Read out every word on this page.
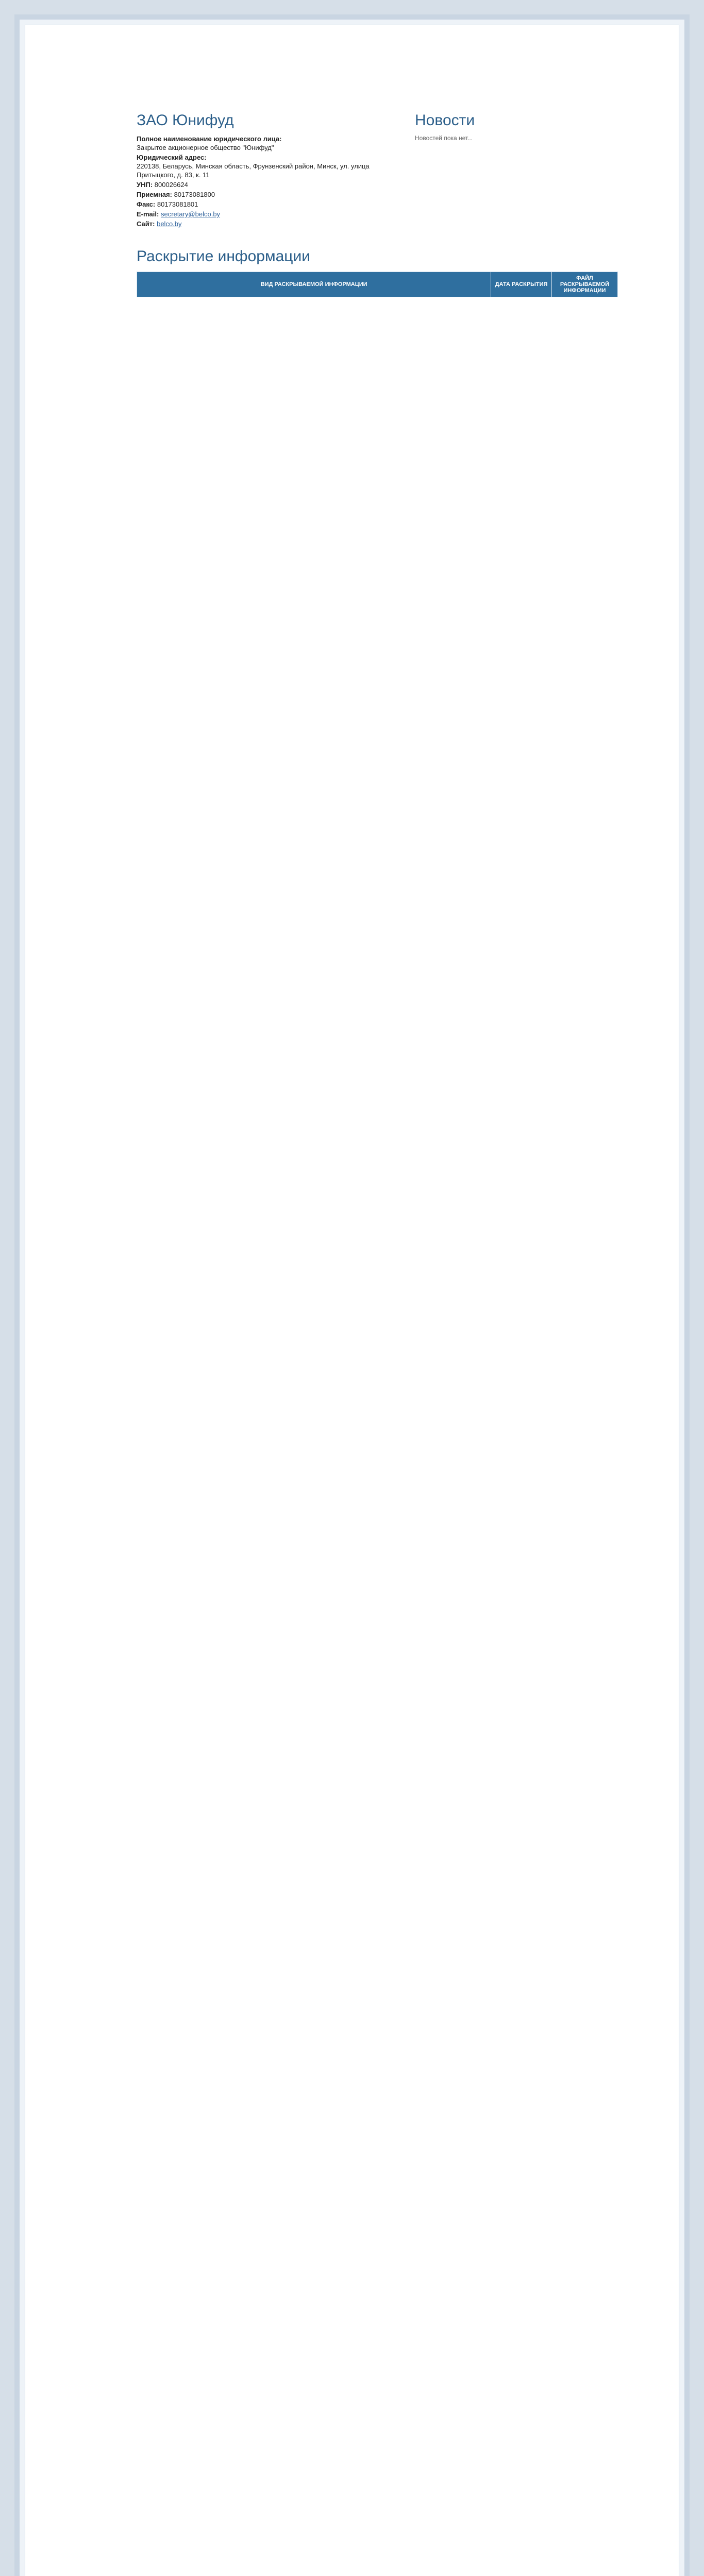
ЗАО Юнифуд
Полное наименование юридического лица:
Закрытое акционерное общество "Юнифуд"
Юридический адрес:
220138, Беларусь, Минская область, Фрунзенский район, Минск, ул. улица Притыцкого, д. 83, к. 11
УНП: 800026624
Приемная: 80173081800
Факс: 80173081801
E-mail: secretary@belco.by
Сайт: belco.by
Новости
Новостей пока нет...
Раскрытие информации
ВИД РАСКРЫВАЕМОЙ ИНФОРМАЦИИ	ДАТА РАСКРЫТИЯ	ФАЙЛ РАСКРЫВАЕМОЙ ИНФОРМАЦИИ
